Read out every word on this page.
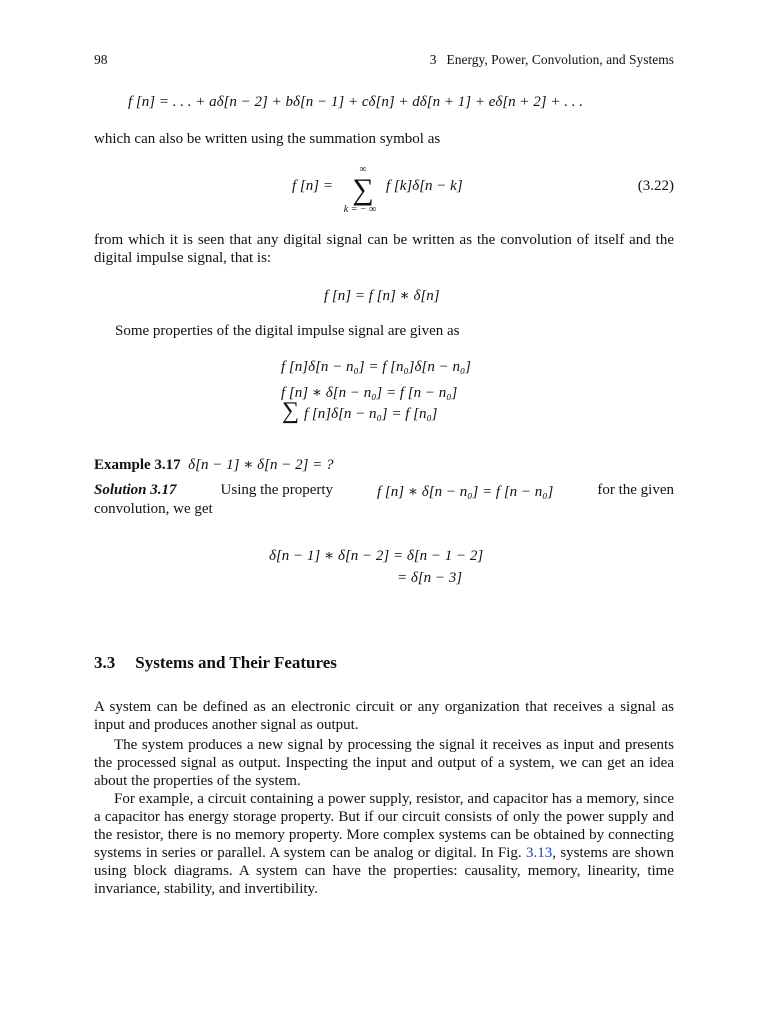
98	3 Energy, Power, Convolution, and Systems
f [n] = . . . + aδ[n − 2] + bδ[n − 1] + cδ[n] + dδ[n + 1] + eδ[n + 2] + . . .
which can also be written using the summation symbol as
f [n] =
∞
∑
k = − ∞
f [k]δ[n − k]	(3.22)
from which it is seen that any digital signal can be written as the convolution of itself and the digital impulse signal, that is:
f [n] = f [n] ∗ δ[n]
Some properties of the digital impulse signal are given as
f [n]δ[n − n₀] = f [n₀]δ[n − n₀]
f [n] ∗ δ[n − n₀] = f [n − n₀]
∑ f [n]δ[n − n₀] = f [n₀]
Example 3.17 δ[n − 1] ∗ δ[n − 2] = ?
Solution 3.17	Using the property	f [n] ∗ δ[n − n₀] = f [n − n₀]	for the given
convolution, we get
δ[n − 1] ∗ δ[n − 2] = δ[n − 1 − 2]
= δ[n − 3]
3.3 Systems and Their Features
A system can be defined as an electronic circuit or any organization that receives a signal as input and produces another signal as output.
The system produces a new signal by processing the signal it receives as input and presents the processed signal as output. Inspecting the input and output of a system, we can get an idea about the properties of the system.
For example, a circuit containing a power supply, resistor, and capacitor has a memory, since a capacitor has energy storage property. But if our circuit consists of only the power supply and the resistor, there is no memory property. More complex systems can be obtained by connecting systems in series or parallel. A system can be analog or digital. In Fig. 3.13, systems are shown using block diagrams. A system can have the properties: causality, memory, linearity, time invariance, stability, and invertibility.
